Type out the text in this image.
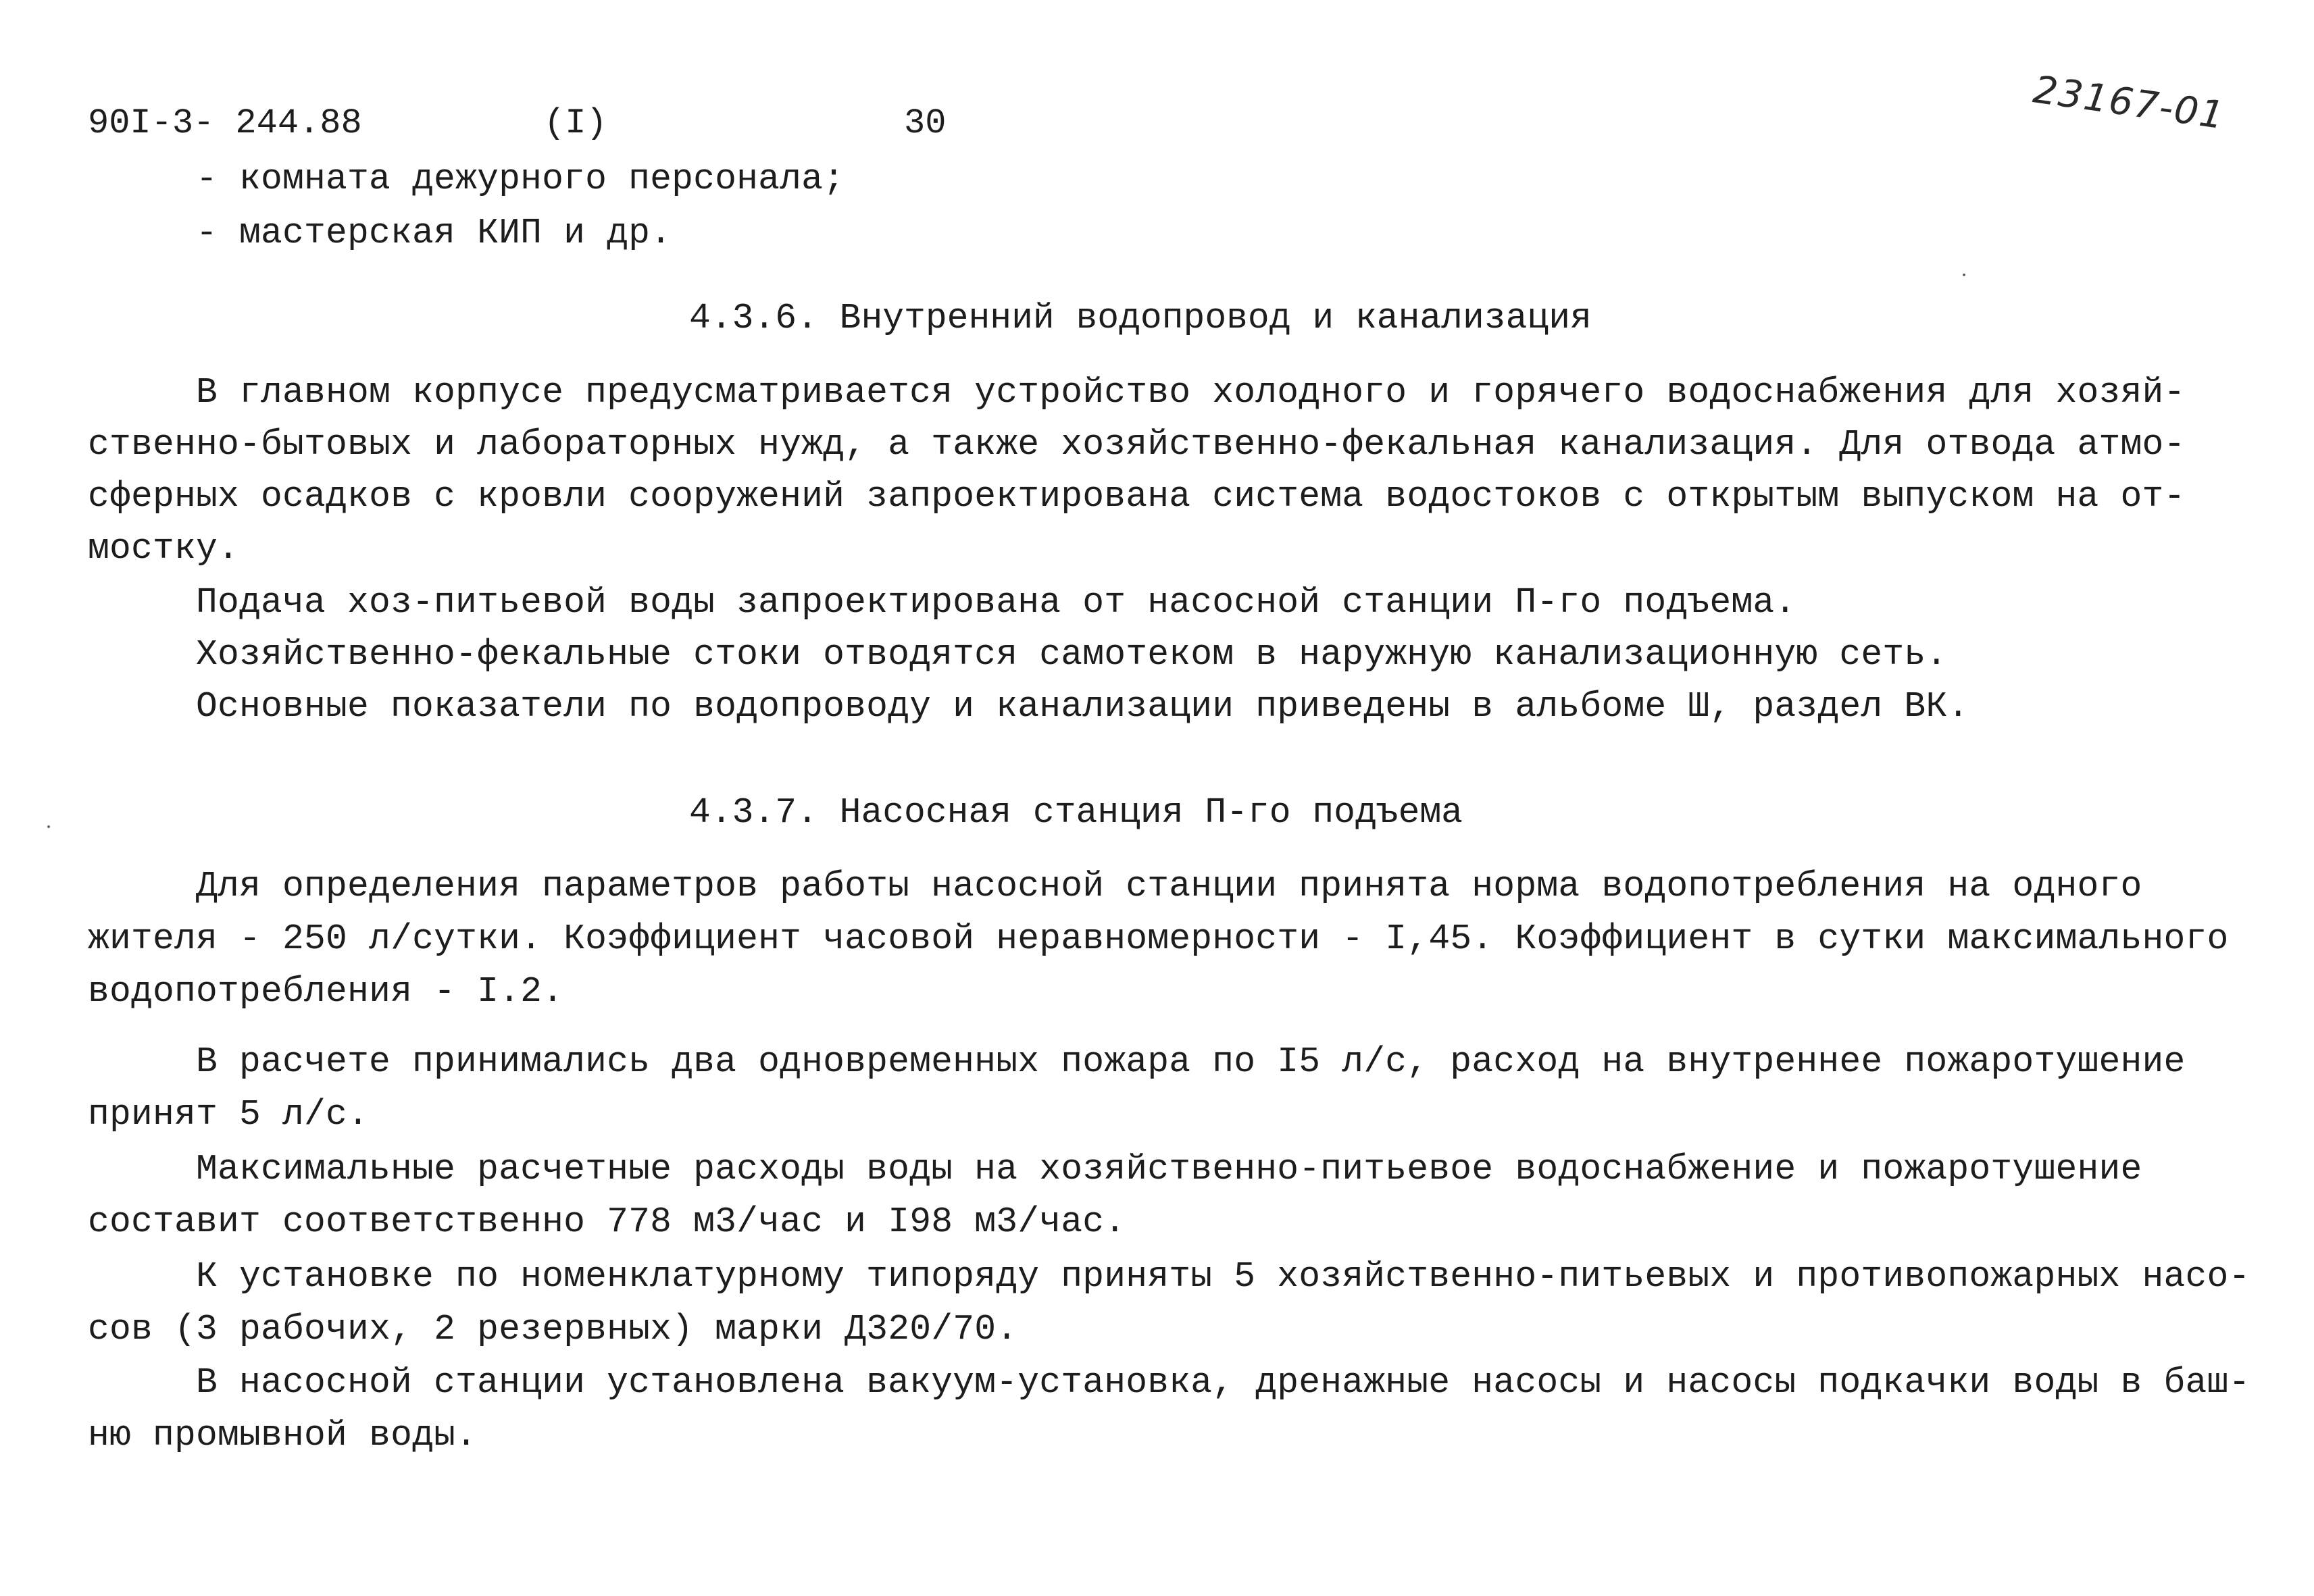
90I-3- 244.88	(I)	30	23167-01
- комната дежурного персонала;
- мастерская КИП и др.
4.3.6. Внутренний водопровод и канализация
В главном корпусе предусматривается устройство холодного и горячего водоснабжения для хозяй-
ственно-бытовых и лабораторных нужд, а также хозяйственно-фекальная канализация. Для отвода атмо-
сферных осадков с кровли сооружений запроектирована система водостоков с открытым выпуском на от-
мостку.
Подача хоз-питьевой воды запроектирована от насосной станции П-го подъема.
Хозяйственно-фекальные стоки отводятся самотеком в наружную канализационную сеть.
Основные показатели по водопроводу и канализации приведены в альбоме Ш, раздел ВК.
4.3.7. Насосная станция П-го подъема
Для определения параметров работы насосной станции принята норма водопотребления на одного
жителя - 250 л/сутки. Коэффициент часовой неравномерности - I,45. Коэффициент в сутки максимального
водопотребления - I.2.
В расчете принимались два одновременных пожара по I5 л/с, расход на внутреннее пожаротушение
принят 5 л/с.
Максимальные расчетные расходы воды на хозяйственно-питьевое водоснабжение и пожаротушение
составит соответственно 778 м3/час и I98 м3/час.
К установке по номенклатурному типоряду приняты 5 хозяйственно-питьевых и противопожарных насо-
сов (3 рабочих, 2 резервных) марки Д320/70.
В насосной станции установлена вакуум-установка, дренажные насосы и насосы подкачки воды в баш-
ню промывной воды.
